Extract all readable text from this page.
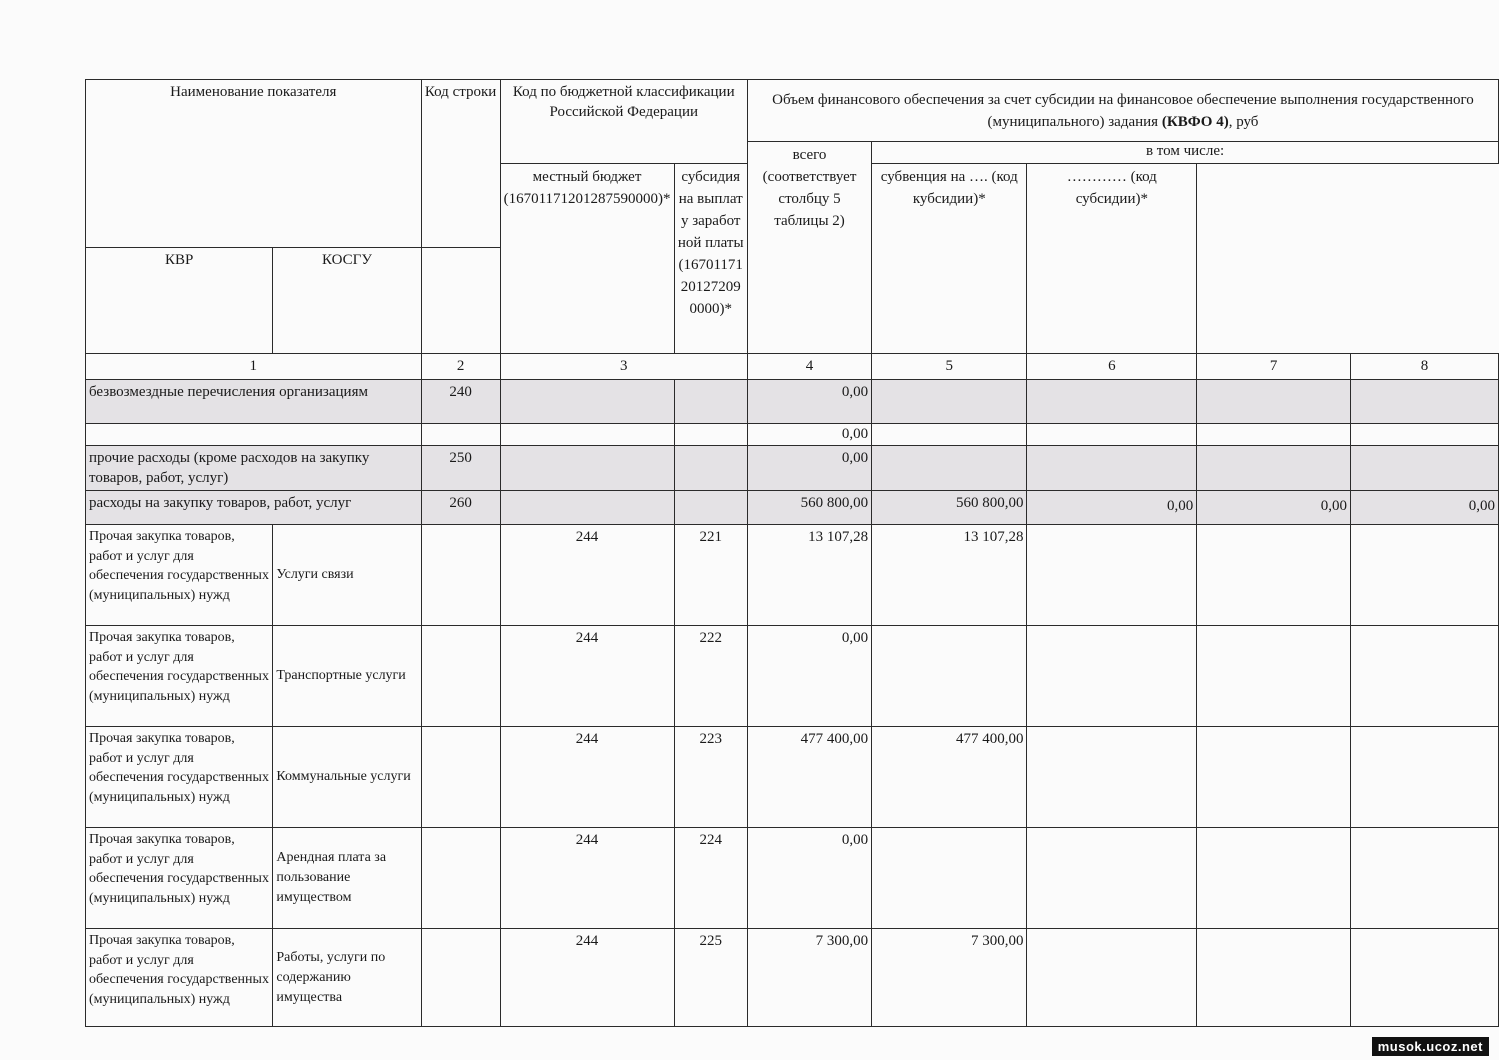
Наименование показателя		Код строки	Код по бюджетной классификации Российской Федерации		Объем финансового обеспечения за счет субсидии на финансовое обеспечение выполнения государственного (муниципального) задания (КВФО 4), руб				
					всего (соответствует столбцу 5 таблицы 2)	в том числе:			
			местный бюджет (16701171201287590000)*	субсидия на выплату заработной платы (16701171201272090000)*		субвенция на …. (код кубсидии)*	………… (код субсидии)*		
КВР	КОСГУ								
1		2	3		4	5	6	7	8
безвозмездные перечисления организациям		240			0,00				
					0,00				
прочие расходы (кроме расходов на закупку товаров, работ, услуг)		250			0,00				
расходы на закупку товаров, работ, услуг		260			560 800,00	560 800,00	0,00	0,00	0,00
Прочая закупка товаров, работ и услуг для обеспечения государственных (муниципальных) нужд	Услуги связи		244	221	13 107,28	13 107,28			
Прочая закупка товаров, работ и услуг для обеспечения государственных (муниципальных) нужд	Транспортные услуги		244	222	0,00				
Прочая закупка товаров, работ и услуг для обеспечения государственных (муниципальных) нужд	Коммунальные услуги		244	223	477 400,00	477 400,00			
Прочая закупка товаров, работ и услуг для обеспечения государственных (муниципальных) нужд	Арендная плата за пользование имуществом		244	224	0,00				
Прочая закупка товаров, работ и услуг для обеспечения государственных (муниципальных) нужд	Работы, услуги по содержанию имущества		244	225	7 300,00	7 300,00			
musok.ucoz.net
